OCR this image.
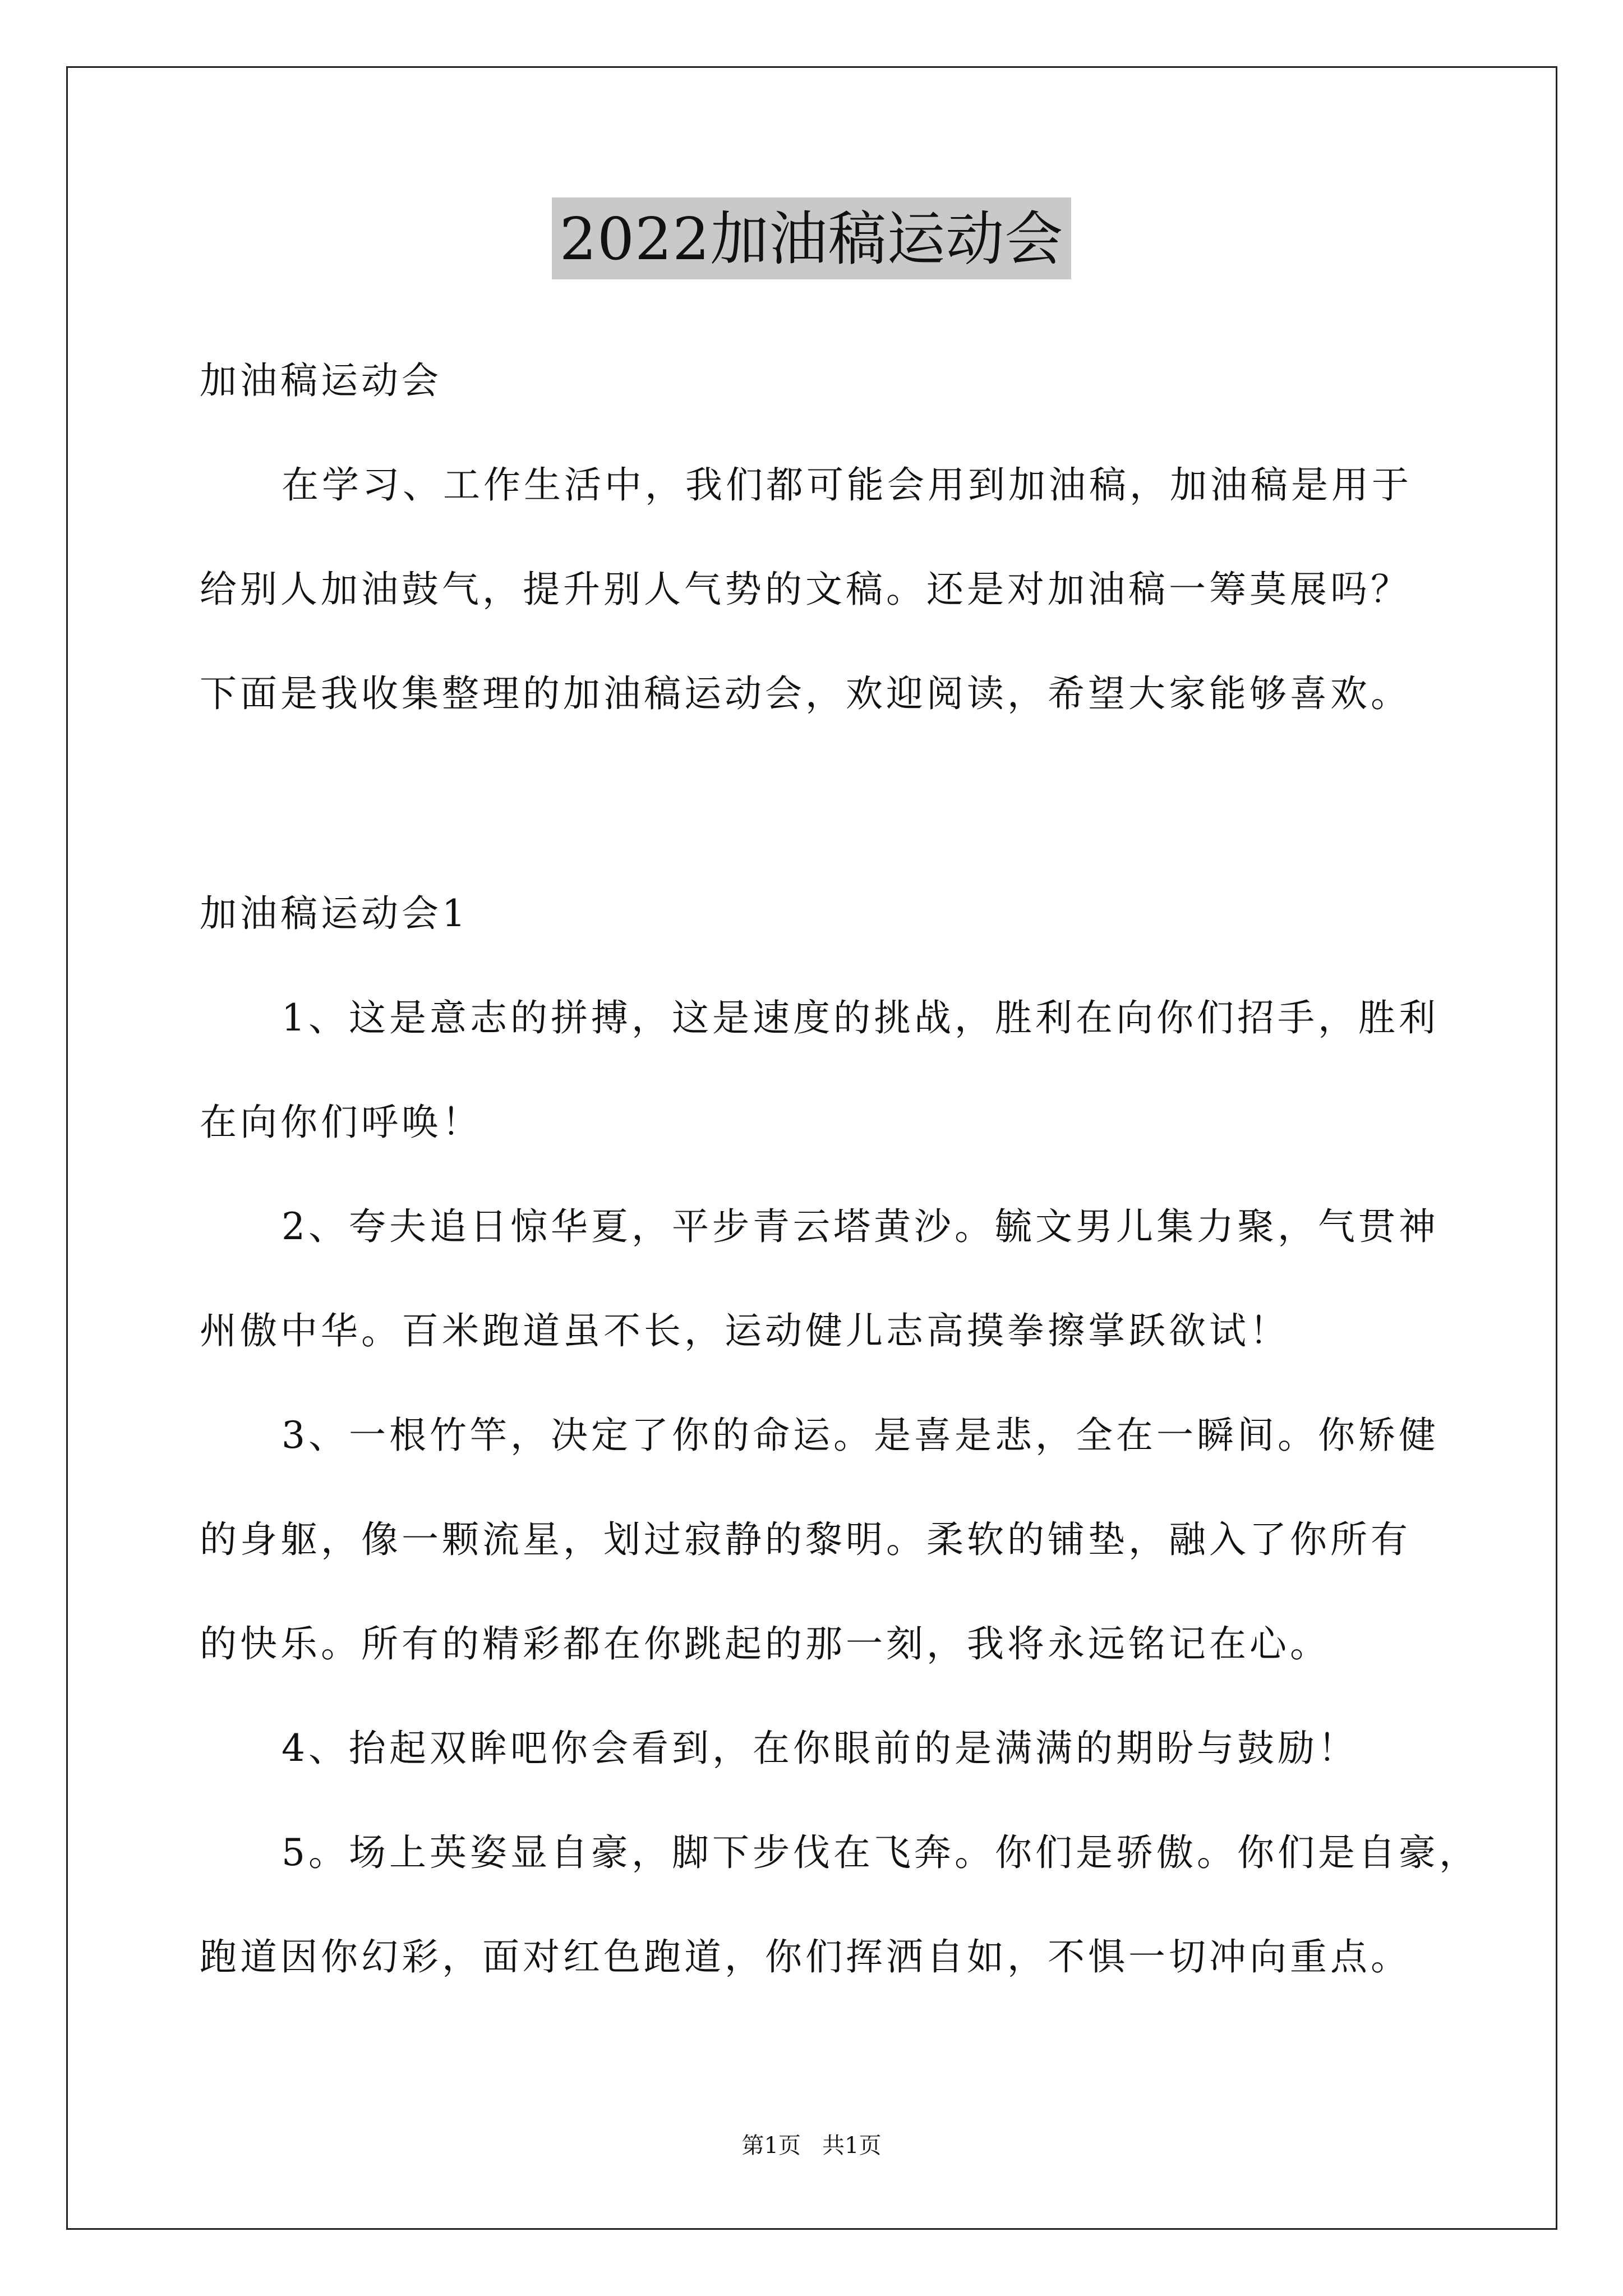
2022加油稿运动会
加油稿运动会
在学习、工作生活中，我们都可能会用到加油稿，加油稿是用于
给别人加油鼓气，提升别人气势的文稿。还是对加油稿一筹莫展吗？
下面是我收集整理的加油稿运动会，欢迎阅读，希望大家能够喜欢。
加油稿运动会1
1、这是意志的拼搏，这是速度的挑战，胜利在向你们招手，胜利
在向你们呼唤！
2、夸夫追日惊华夏，平步青云塔黄沙。毓文男儿集力聚，气贯神
州傲中华。百米跑道虽不长，运动健儿志高摸拳擦掌跃欲试！
3、一根竹竿，决定了你的命运。是喜是悲，全在一瞬间。你矫健
的身躯，像一颗流星，划过寂静的黎明。柔软的铺垫，融入了你所有
的快乐。所有的精彩都在你跳起的那一刻，我将永远铭记在心。
4、抬起双眸吧你会看到，在你眼前的是满满的期盼与鼓励！
5。场上英姿显自豪，脚下步伐在飞奔。你们是骄傲。你们是自豪，
跑道因你幻彩，面对红色跑道，你们挥洒自如，不惧一切冲向重点。
第1页   共1页
